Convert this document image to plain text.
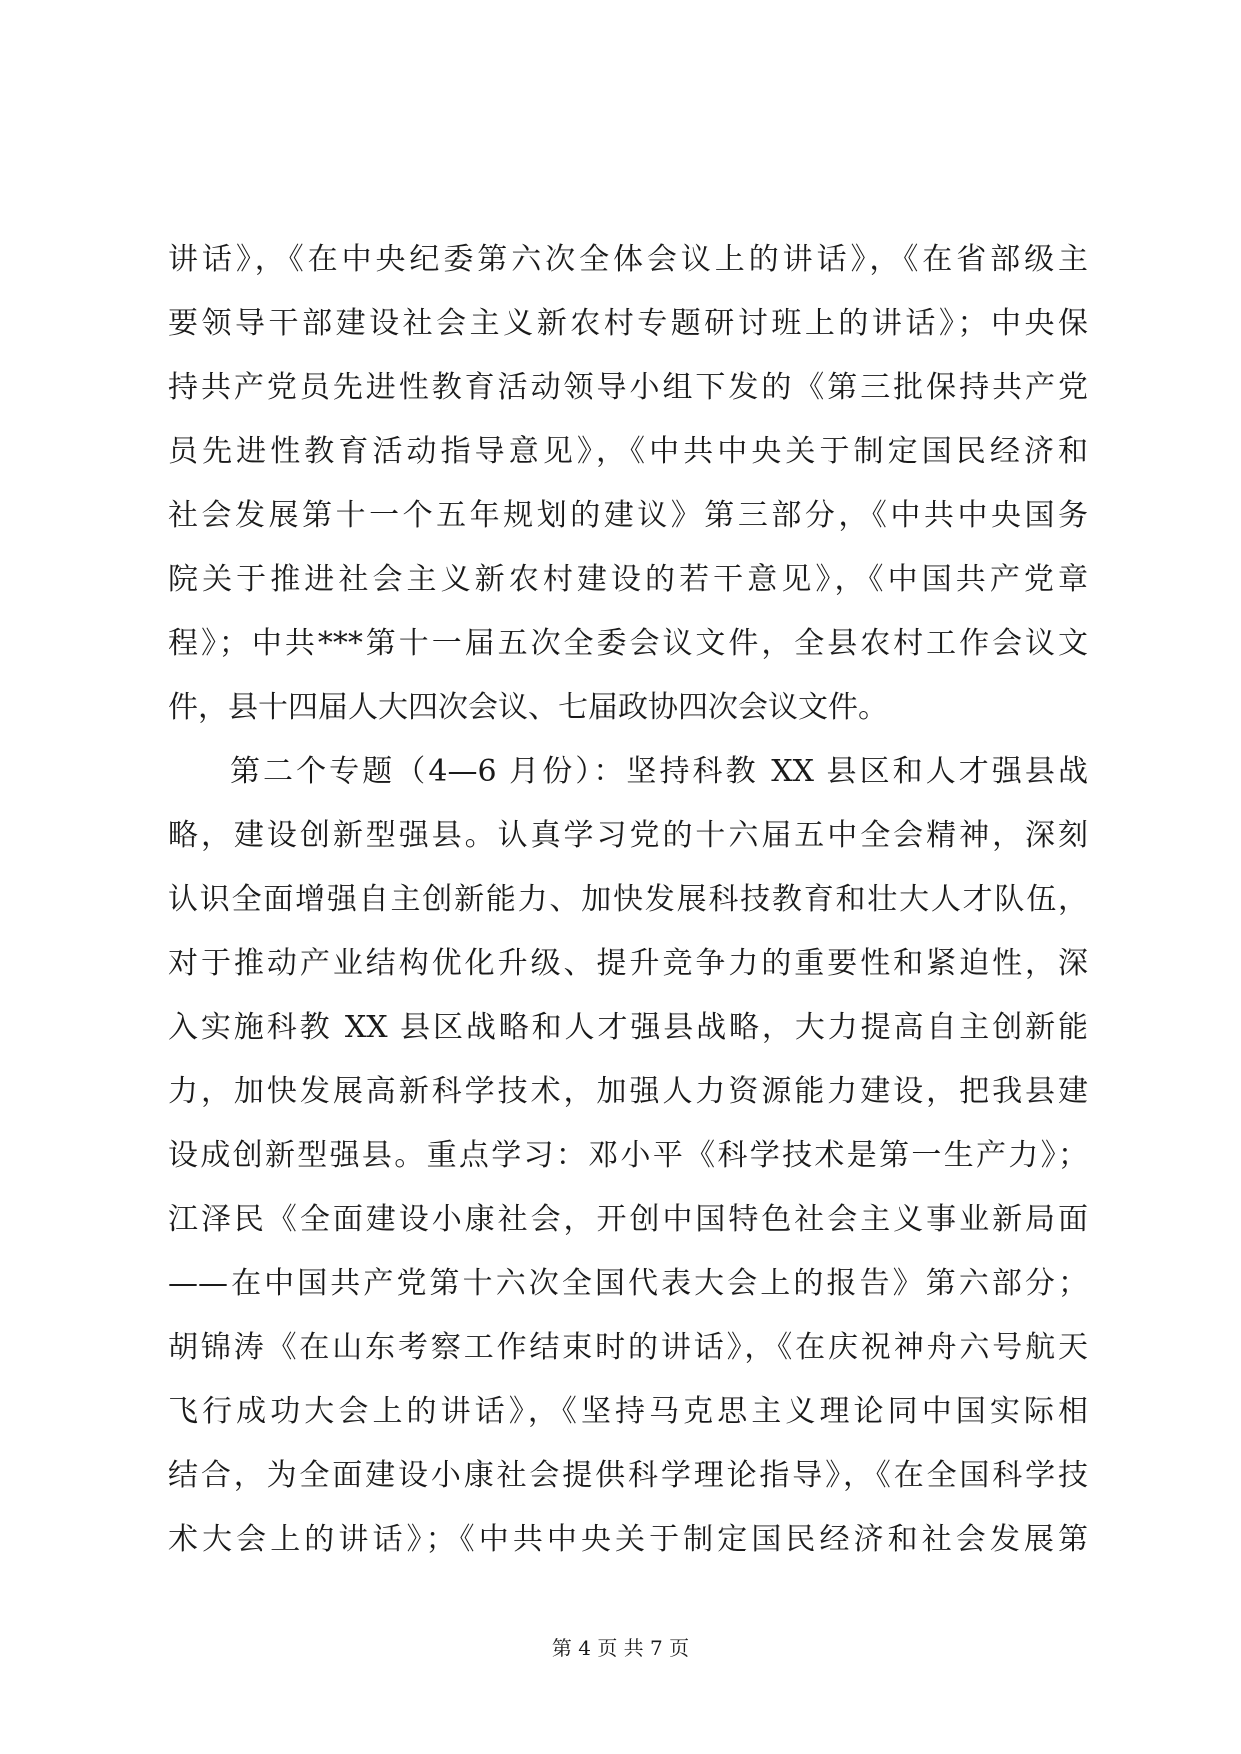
讲话》，《在中央纪委第六次全体会议上的讲话》，《在省部级主
要领导干部建设社会主义新农村专题研讨班上的讲话》；中央保
持共产党员先进性教育活动领导小组下发的《第三批保持共产党
员先进性教育活动指导意见》，《中共中央关于制定国民经济和
社会发展第十一个五年规划的建议》第三部分，《中共中央国务
院关于推进社会主义新农村建设的若干意见》，《中国共产党章
程》；中共***第十一届五次全委会议文件，全县农村工作会议文
件，县十四届人大四次会议、七届政协四次会议文件。
第二个专题（4—6 月份）：坚持科教 XX 县区和人才强县战
略，建设创新型强县。认真学习党的十六届五中全会精神，深刻
认识全面增强自主创新能力、加快发展科技教育和壮大人才队伍，
对于推动产业结构优化升级、提升竞争力的重要性和紧迫性，深
入实施科教 XX 县区战略和人才强县战略，大力提高自主创新能
力，加快发展高新科学技术，加强人力资源能力建设，把我县建
设成创新型强县。重点学习：邓小平《科学技术是第一生产力》；
江泽民《全面建设小康社会，开创中国特色社会主义事业新局面
——在中国共产党第十六次全国代表大会上的报告》第六部分；
胡锦涛《在山东考察工作结束时的讲话》，《在庆祝神舟六号航天
飞行成功大会上的讲话》，《坚持马克思主义理论同中国实际相
结合，为全面建设小康社会提供科学理论指导》，《在全国科学技
术大会上的讲话》；《中共中央关于制定国民经济和社会发展第
第 4 页 共 7 页
